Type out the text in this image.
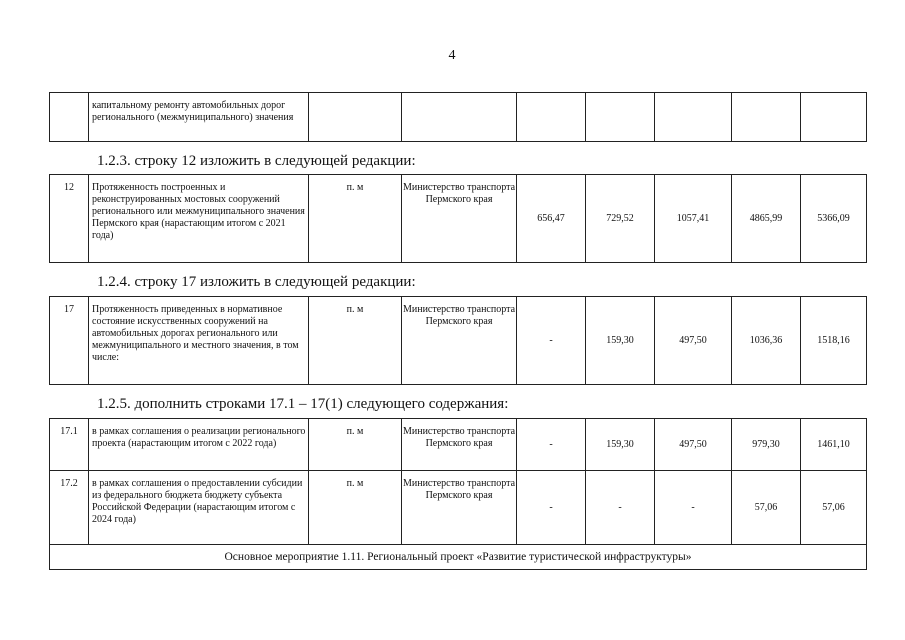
4
	капитальному ремонту автомобильных дорог регионального (межмуниципального) значения							
1.2.3. строку 12 изложить в следующей редакции:
12	Протяженность построенных и реконструированных мостовых сооружений регионального или межмуниципального значения Пермского края (нарастающим итогом с 2021 года)	п. м	Министерство транспорта Пермского края	656,47	729,52	1057,41	4865,99	5366,09
1.2.4. строку 17 изложить в следующей редакции:
17	Протяженность приведенных в нормативное состояние искусственных сооружений на автомобильных дорогах регионального или межмуниципального и местного значения, в том числе:	п. м	Министерство транспорта Пермского края	-	159,30	497,50	1036,36	1518,16
1.2.5. дополнить строками 17.1 – 17(1) следующего содержания:
17.1	в рамках соглашения о реализации регионального проекта (нарастающим итогом с 2022 года)	п. м	Министерство транспорта Пермского края	-	159,30	497,50	979,30	1461,10
17.2	в рамках соглашения о предоставлении субсидии из федерального бюджета бюджету субъекта Российской Федерации (нарастающим итогом с 2024 года)	п. м	Министерство транспорта Пермского края	-	-	-	57,06	57,06
Основное мероприятие 1.11. Региональный проект «Развитие туристической инфраструктуры»								
